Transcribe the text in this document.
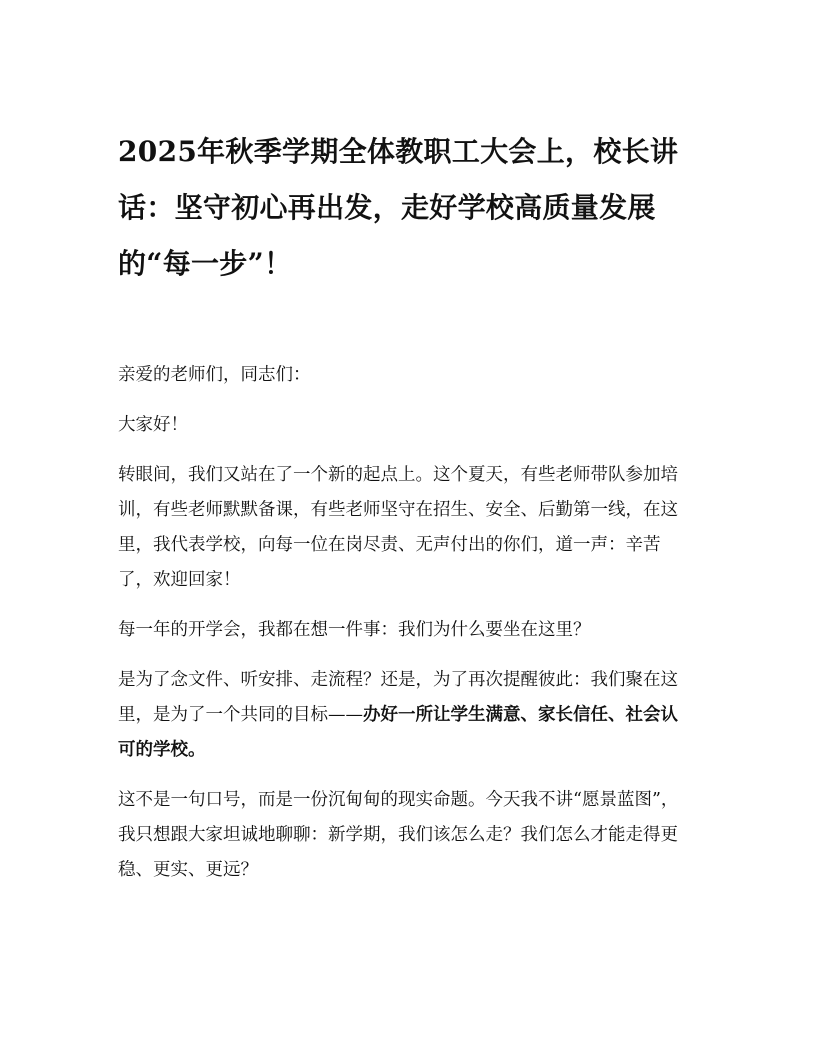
2025年秋季学期全体教职工大会上，校长讲话：坚守初心再出发，走好学校高质量发展的“每一步”！

亲爱的老师们，同志们：

大家好！

转眼间，我们又站在了一个新的起点上。这个夏天，有些老师带队参加培训，有些老师默默备课，有些老师坚守在招生、安全、后勤第一线，在这里，我代表学校，向每一位在岗尽责、无声付出的你们，道一声：辛苦了，欢迎回家！

每一年的开学会，我都在想一件事：我们为什么要坐在这里？

是为了念文件、听安排、走流程？还是，为了再次提醒彼此：我们聚在这里，是为了一个共同的目标——办好一所让学生满意、家长信任、社会认可的学校。

这不是一句口号，而是一份沉甸甸的现实命题。今天我不讲“愿景蓝图”，我只想跟大家坦诚地聊聊：新学期，我们该怎么走？我们怎么才能走得更稳、更实、更远？
